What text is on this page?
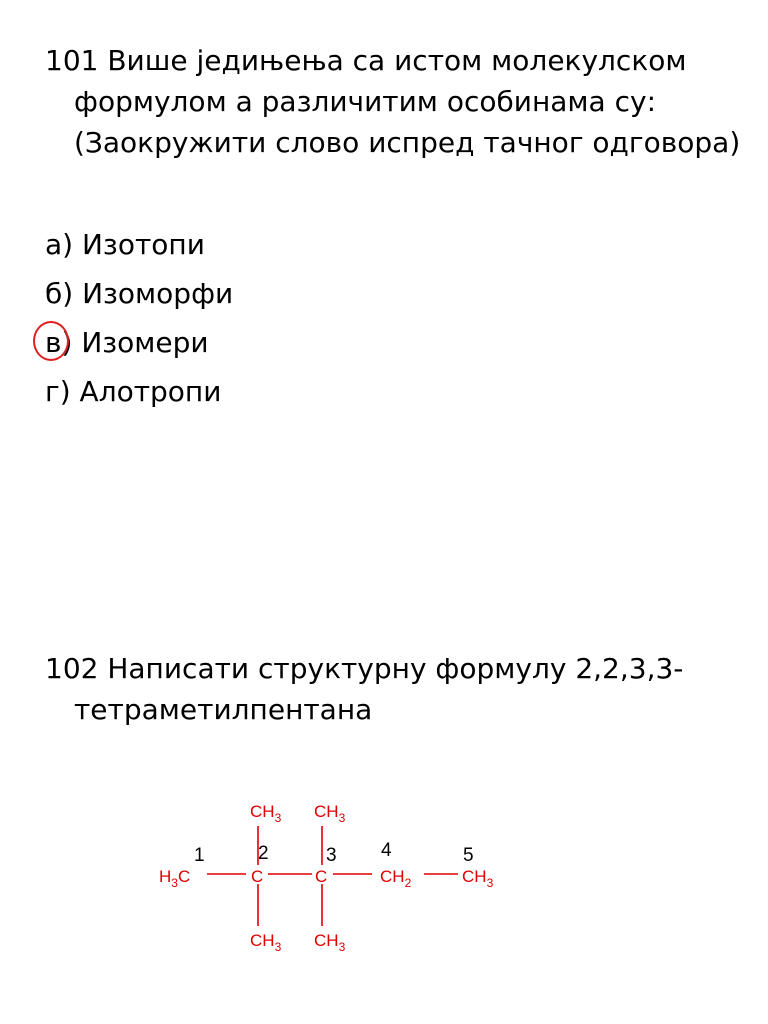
101 Више једињења са истом молекулском
формулом а различитим особинама су:
(Заокружити слово испред тачног одговора)
а) Изотопи
б) Изоморфи
в) Изомери
г) Алотропи
102 Написати структурну формулу 2,2,3,3-
тетраметилпентана
$H_3C$	C	C	$CH_2$	$CH_3$
$CH_3$ $CH_3$
$CH_3$ $CH_3$
1	2	3 4	5
